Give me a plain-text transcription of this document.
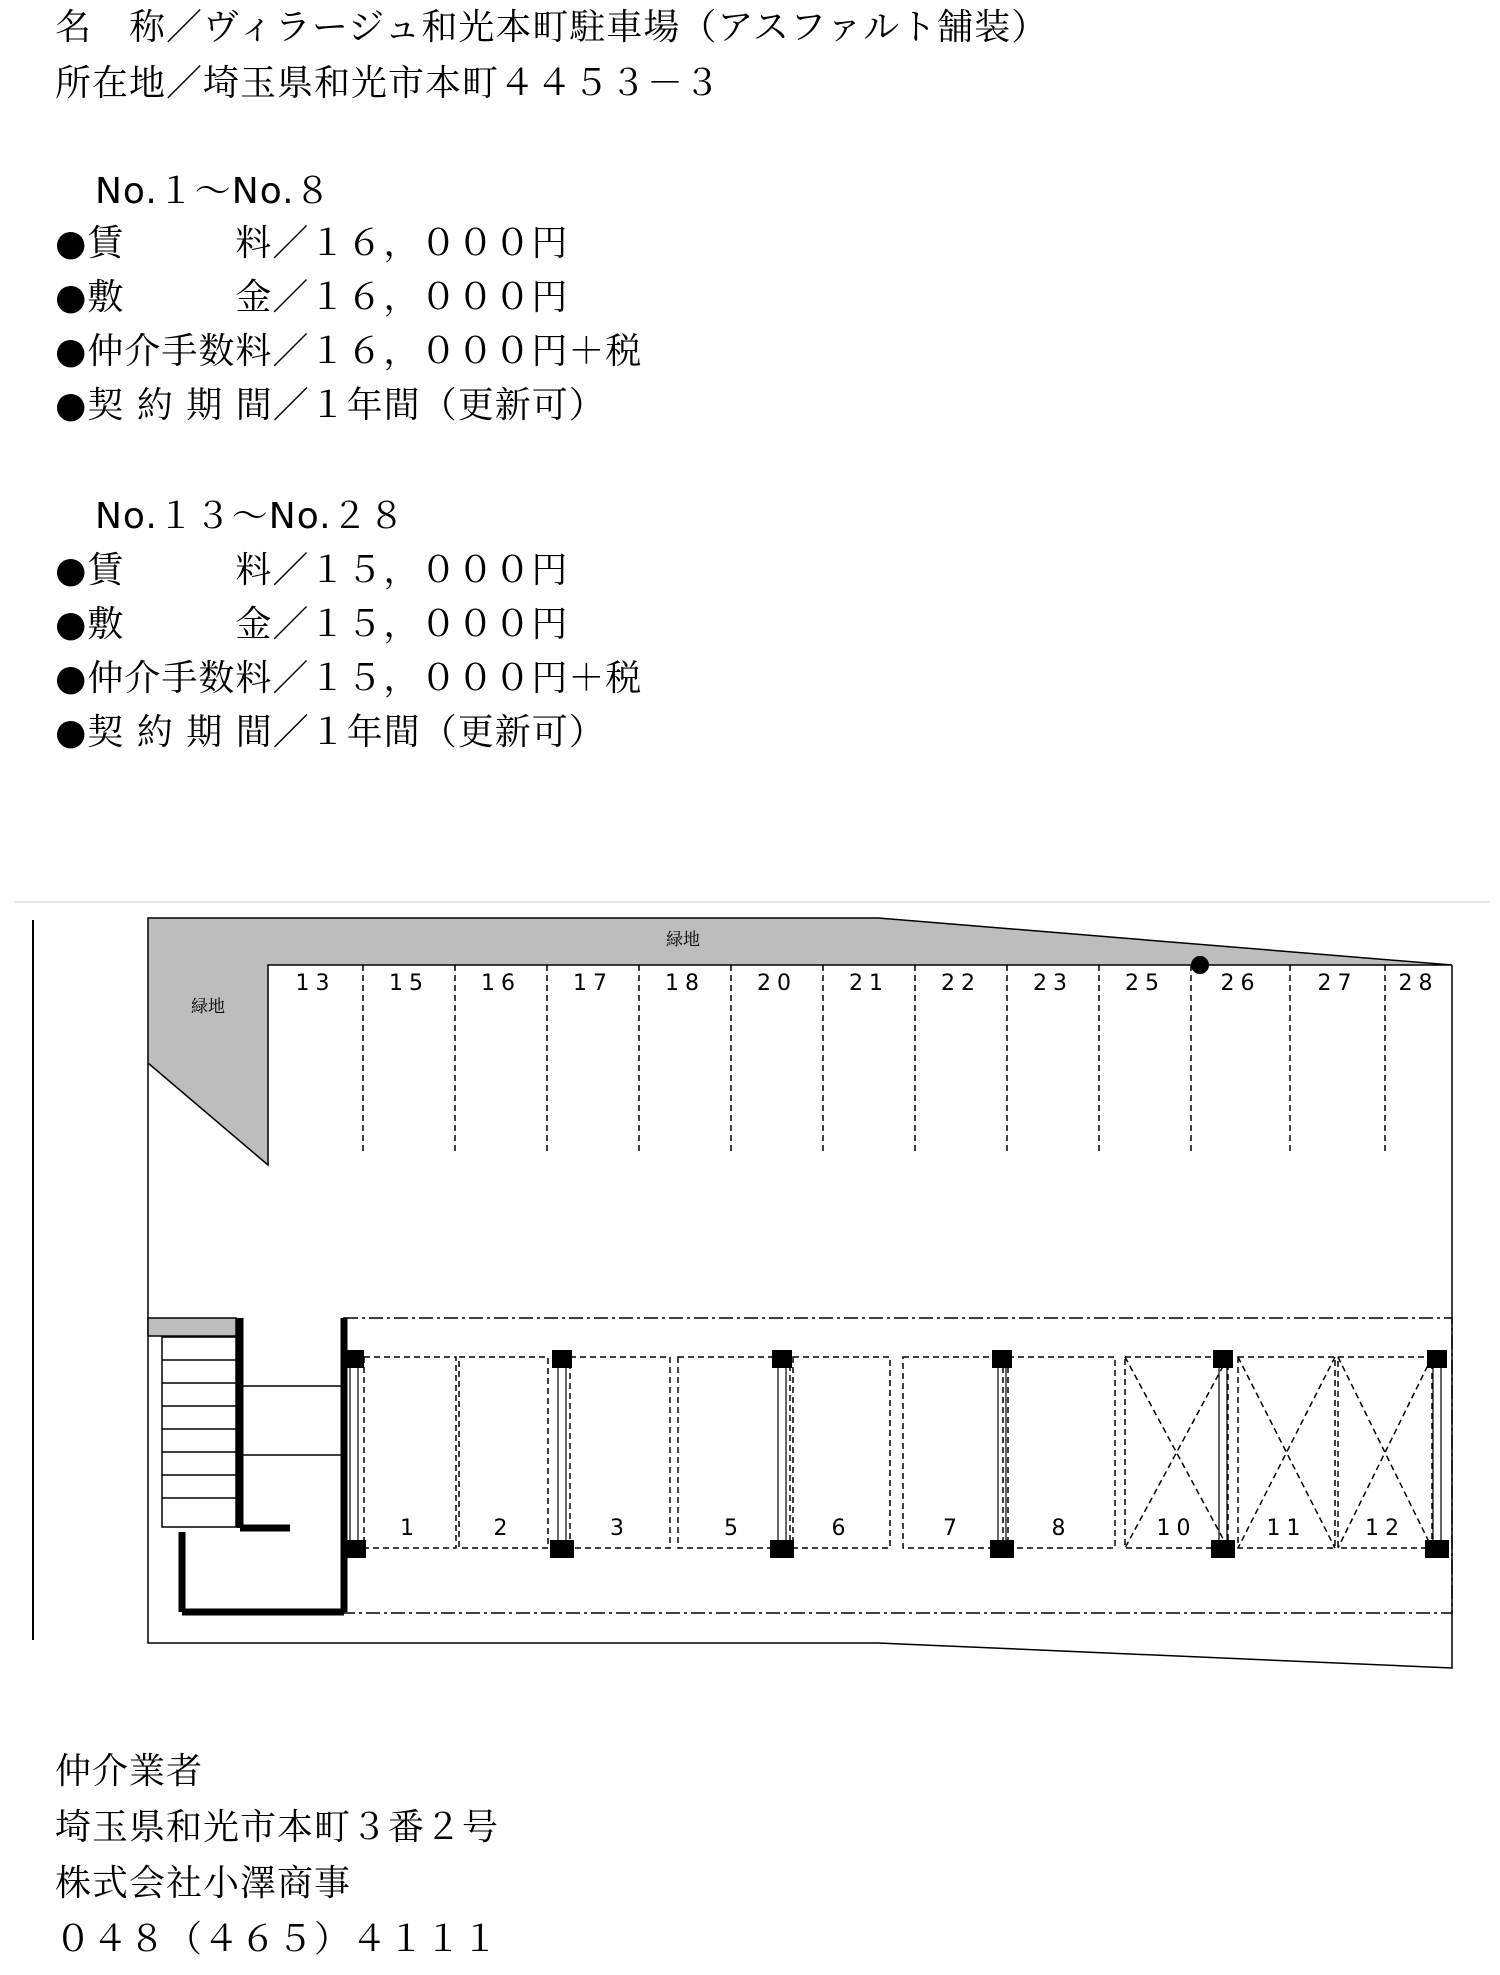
名　称／ヴィラージュ和光本町駐車場（アスファルト舗装）
所在地／埼玉県和光市本町４４５３－３
No.１～No.８
●賃　　　料／１６，０００円
●敷　　　金／１６，０００円
●仲介手数料／１６，０００円＋税
●契 約 期 間／１年間（更新可）
No.１３～No.２８
●賃　　　料／１５，０００円
●敷　　　金／１５，０００円
●仲介手数料／１５，０００円＋税
●契 約 期 間／１年間（更新可）
緑地
緑地
13 15 16 17 18 20 21 22 23 25	26	27 28
1	2	3	5	6	7	8	10	11	12
仲介業者
埼玉県和光市本町３番２号
株式会社小澤商事
０４８（４６５）４１１１
